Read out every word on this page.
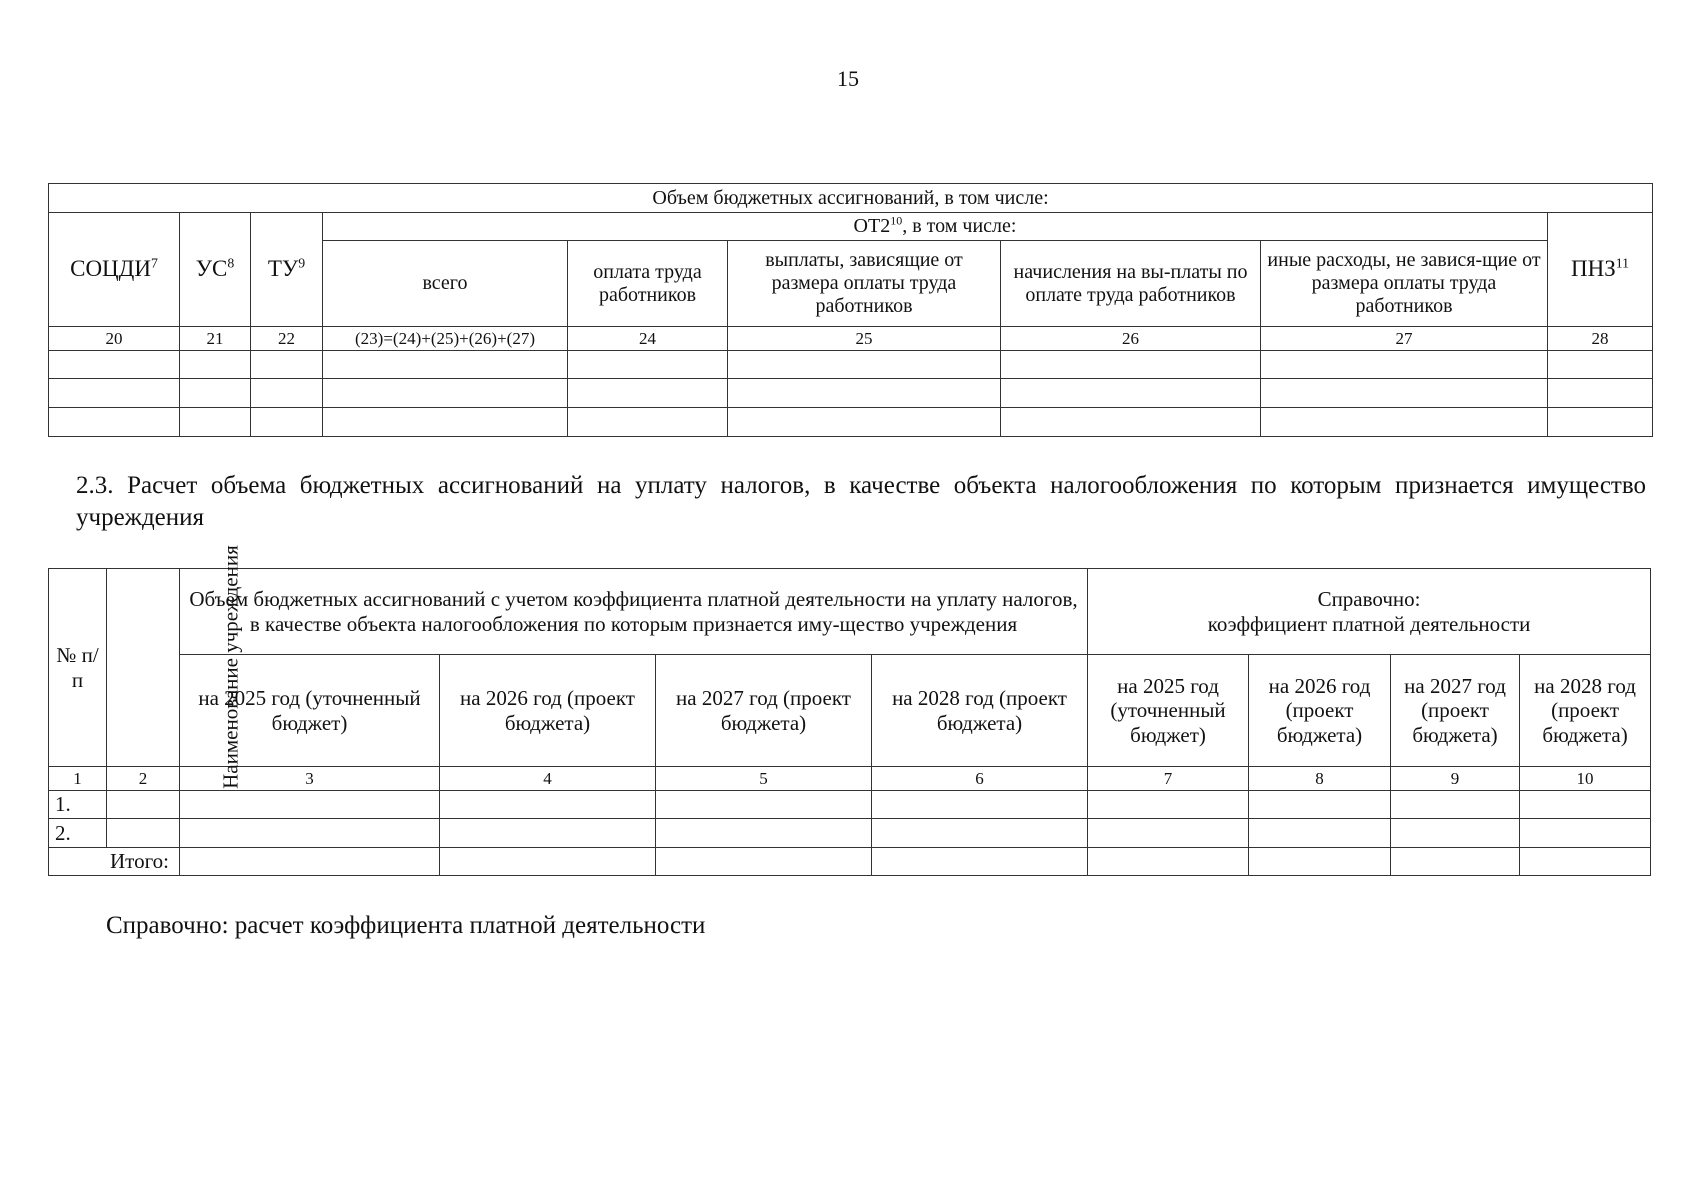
15
Объем бюджетных ассигнований, в том числе:								
СОЦДИ$^7$	$УС^8$	$ТУ^9$	$ОТ2^{10}$, в том числе:					ПНЗ$^{11}$
			всего	оплата труда работников	выплаты, зависящие от размера оплаты труда работников	начисления на вы-платы по оплате труда работников	иные расходы, не завися-щие от размера оплаты труда работников	
20	21	22	(23)=(24)+(25)+(26)+(27)	24	25	26	27	28

2.3. Расчет объема бюджетных ассигнований на уплату налогов, в качестве объекта налогообложения по которым признается имущество учреждения
№ п/п	Наименование учреждения	Объем бюджетных ассигнований с учетом коэффициента платной деятельности на уплату налогов, в качестве объекта налогообложения по которым признается иму-щество учреждения				Справочно:
коэффициент платной деятельности			

		на 2025 год (уточненный бюджет)	на 2026 год (проект бюджета)	на 2027 год (проект бюджета)	на 2028 год (проект бюджета)	на 2025 год (уточненный бюджет)	на 2026 год (проект бюджета)	на 2027 год (проект бюджета)	на 2028 год (проект бюджета)
1	2	3	4	5	6	7	8	9	10
1.									
2.									
Итого:									
Справочно: расчет коэффициента платной деятельности
